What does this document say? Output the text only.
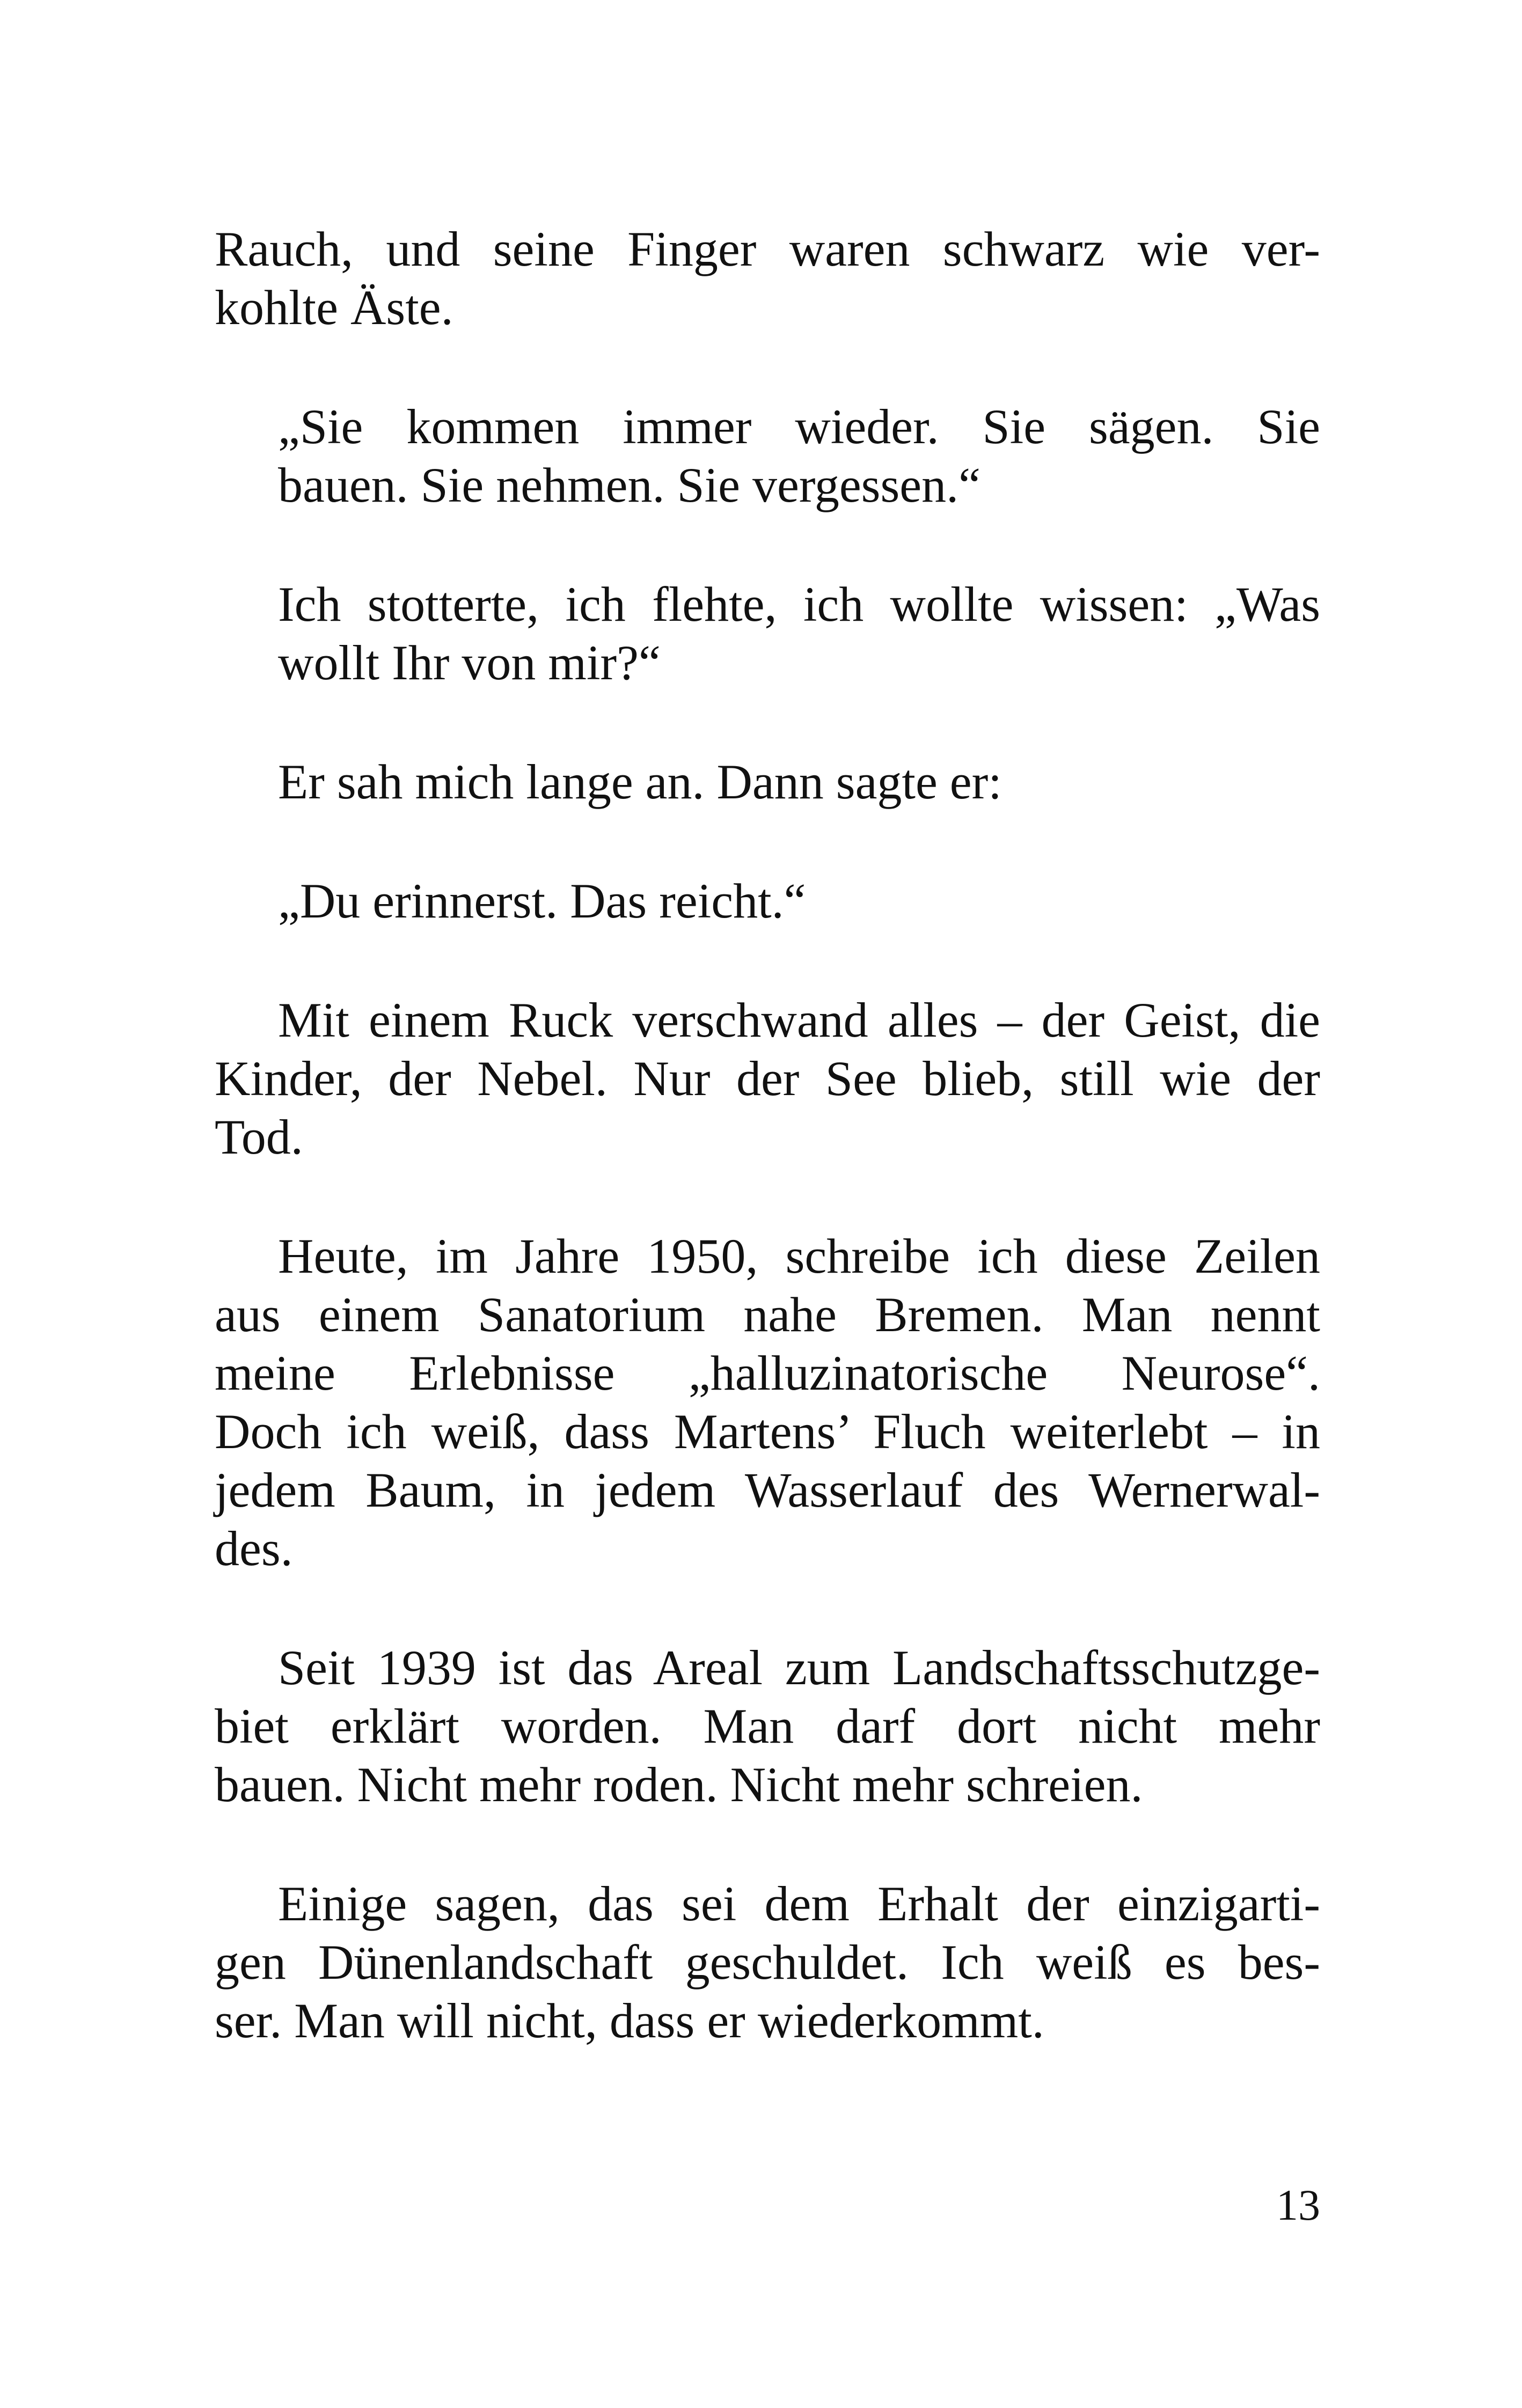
Rauch, und seine Finger waren schwarz wie ver-
kohlte Äste.
„Sie kommen immer wieder. Sie sägen. Sie
bauen. Sie nehmen. Sie vergessen.“
Ich stotterte, ich flehte, ich wollte wissen: „Was
wollt Ihr von mir?“
Er sah mich lange an. Dann sagte er:
„Du erinnerst. Das reicht.“
Mit einem Ruck verschwand alles – der Geist, die
Kinder, der Nebel. Nur der See blieb, still wie der
Tod.
Heute, im Jahre 1950, schreibe ich diese Zeilen
aus einem Sanatorium nahe Bremen. Man nennt
meine Erlebnisse „halluzinatorische Neurose“.
Doch ich weiß, dass Martens’ Fluch weiterlebt – in
jedem Baum, in jedem Wasserlauf des Wernerwal-
des.
Seit 1939 ist das Areal zum Landschaftsschutzge-
biet erklärt worden. Man darf dort nicht mehr
bauen. Nicht mehr roden. Nicht mehr schreien.
Einige sagen, das sei dem Erhalt der einzigarti-
gen Dünenlandschaft geschuldet. Ich weiß es bes-
ser. Man will nicht, dass er wiederkommt.
13
